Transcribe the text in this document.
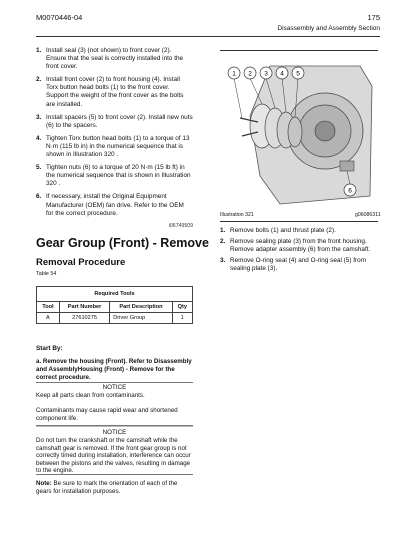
M0070446-04	175
Disassembly and Assembly Section
1. Install seal (3) (not shown) to front cover (2). Ensure that the seal is correctly installed into the front cover.
2. Install front cover (2) to front housing (4). Install Torx button head bolts (1) to the front cover. Support the weight of the front cover as the bolts are installed.
3. Install spacers (5) to front cover (2). Install new nuts (6) to the spacers.
4. Tighten Torx button head bolts (1) to a torque of 13 N·m (115 lb in) in the numerical sequence that is shown in Illustration 320 .
5. Tighten nuts (6) to a torque of 20 N·m (15 lb ft) in the numerical sequence that is shown in Illustration 320 .
6. If necessary, install the Original Equipment Manufacturer (OEM) fan drive. Refer to the OEM for the correct procedure.
i06749509
Gear Group (Front) - Remove
Removal Procedure
Table 54
Required Tools			
Tool	Part Number	Part Description	Qty
A	27610275	Driver Group	1
Start By:
a. Remove the housing (Front). Refer to Disassembly and AssemblyHousing (Front) - Remove for the correct procedure.
NOTICE
Keep all parts clean from contaminants.
Contaminants may cause rapid wear and shortened component life.
NOTICE
Do not turn the crankshaft or the camshaft while the camshaft gear is removed. If the front gear group is not correctly timed during installation, interference can occur between the pistons and the valves, resulting in damage to the engine.
Note: Be sure to mark the orientation of each of the gears for installation purposes.
1 2 3 4 5
6
Illustration 321	g06086311
1. Remove bolts (1) and thrust plate (2).
2. Remove sealing plate (3) from the front housing. Remove adapter assembly (6) from the camshaft.
3. Remove O-ring seal (4) and O-ring seal (5) from sealing plate (3).
